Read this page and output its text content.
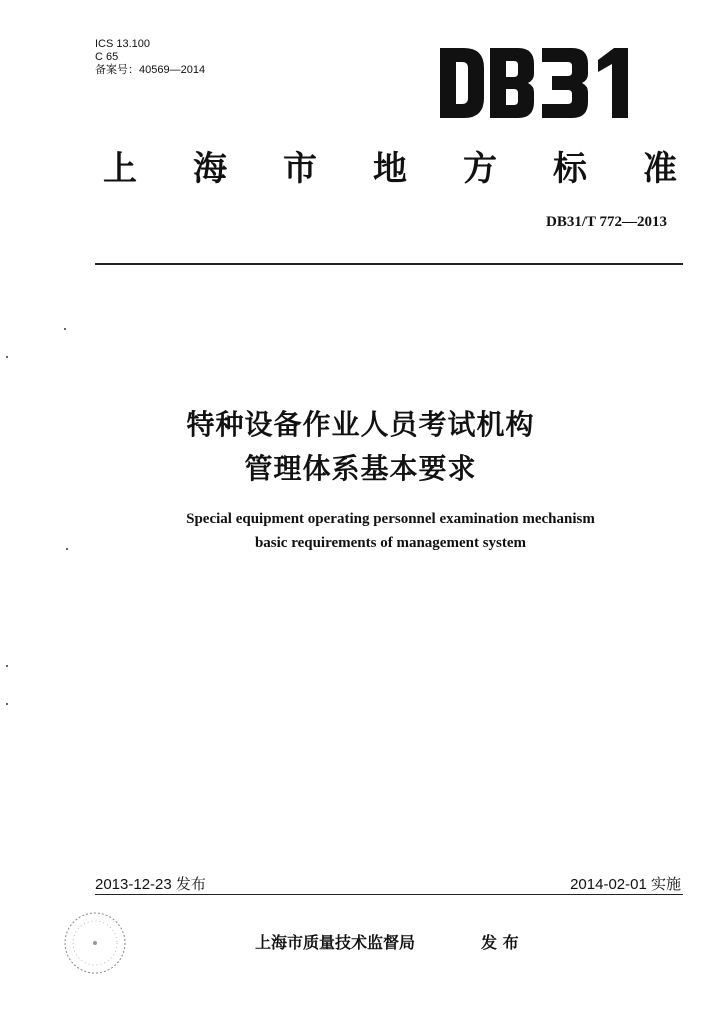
ICS 13.100
C 65
备案号：40569—2014
上 海 市 地 方 标 准
DB31/T 772—2013
特种设备作业人员考试机构
管理体系基本要求
Special equipment operating personnel examination mechanism
basic requirements of management system
2013-12-23 发布	2014-02-01 实施
上海市质量技术监督局	发 布
